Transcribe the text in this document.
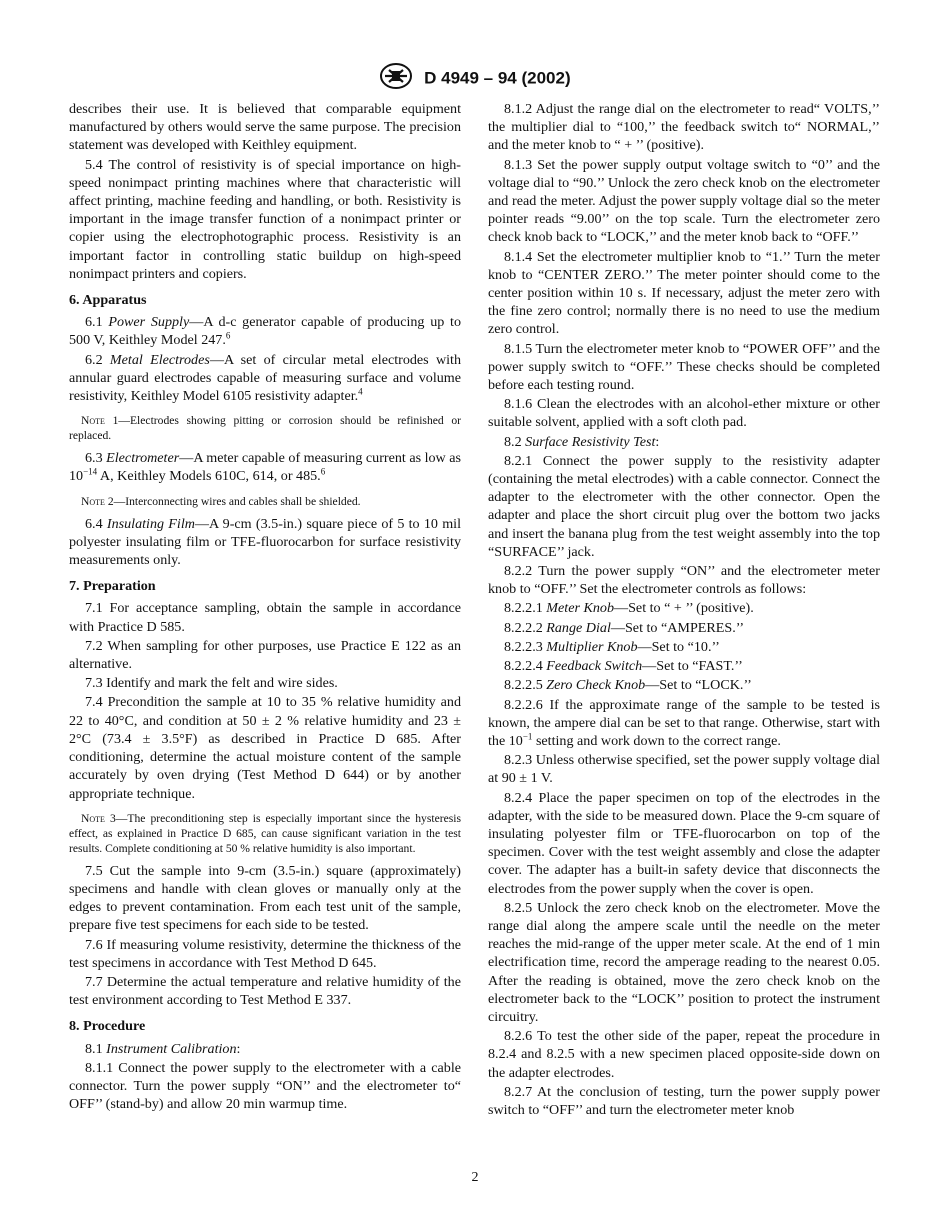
D 4949 – 94 (2002)

describes their use. It is believed that comparable equipment manufactured by others would serve the same purpose. The precision statement was developed with Keithley equipment.

5.4 The control of resistivity is of special importance on high-speed nonimpact printing machines where that characteristic will affect printing, machine feeding and handling, or both. Resistivity is important in the image transfer function of a nonimpact printer or copier using the electrophotographic process. Resistivity is an important factor in controlling static buildup on high-speed nonimpact printers and copiers.

6. Apparatus

6.1 Power Supply—A d-c generator capable of producing up to 500 V, Keithley Model 247.$^6$

6.2 Metal Electrodes—A set of circular metal electrodes with annular guard electrodes capable of measuring surface and volume resistivity, Keithley Model 6105 resistivity adapter.$^4$

Note 1—Electrodes showing pitting or corrosion should be refinished or replaced.

6.3 Electrometer—A meter capable of measuring current as low as $10^{-14}$ A, Keithley Models 610C, 614, or 485.$^6$

Note 2—Interconnecting wires and cables shall be shielded.

6.4 Insulating Film—A 9-cm (3.5-in.) square piece of 5 to 10 mil polyester insulating film or TFE-fluorocarbon for surface resistivity measurements only.

7. Preparation

7.1 For acceptance sampling, obtain the sample in accordance with Practice D 585.

7.2 When sampling for other purposes, use Practice E 122 as an alternative.

7.3 Identify and mark the felt and wire sides.

7.4 Precondition the sample at 10 to 35 % relative humidity and 22 to 40°C, and condition at 50 ± 2 % relative humidity and 23 ± 2°C (73.4 ± 3.5°F) as described in Practice D 685. After conditioning, determine the actual moisture content of the sample accurately by oven drying (Test Method D 644) or by another appropriate technique.

Note 3—The preconditioning step is especially important since the hysteresis effect, as explained in Practice D 685, can cause significant variation in the test results. Complete conditioning at 50 % relative humidity is also important.

7.5 Cut the sample into 9-cm (3.5-in.) square (approximately) specimens and handle with clean gloves or manually only at the edges to prevent contamination. From each test unit of the sample, prepare five test specimens for each side to be tested.

7.6 If measuring volume resistivity, determine the thickness of the test specimens in accordance with Test Method D 645.

7.7 Determine the actual temperature and relative humidity of the test environment according to Test Method E 337.

8. Procedure

8.1 Instrument Calibration:

8.1.1 Connect the power supply to the electrometer with a cable connector. Turn the power supply “ON’’ and the electrometer to“ OFF’’ (stand-by) and allow 20 min warmup time.

8.1.2 Adjust the range dial on the electrometer to read“ VOLTS,’’ the multiplier dial to “100,’’ the feedback switch to“ NORMAL,’’ and the meter knob to “ + ’’ (positive).

8.1.3 Set the power supply output voltage switch to “0’’ and the voltage dial to “90.’’ Unlock the zero check knob on the electrometer and read the meter. Adjust the power supply voltage dial so the meter pointer reads “9.00’’ on the top scale. Turn the electrometer zero check knob back to “LOCK,’’ and the meter knob back to “OFF.’’

8.1.4 Set the electrometer multiplier knob to “1.’’ Turn the meter knob to “CENTER ZERO.’’ The meter pointer should come to the center position within 10 s. If necessary, adjust the meter zero with the fine zero control; normally there is no need to use the medium zero control.

8.1.5 Turn the electrometer meter knob to “POWER OFF’’ and the power supply switch to “OFF.’’ These checks should be completed before each testing round.

8.1.6 Clean the electrodes with an alcohol-ether mixture or other suitable solvent, applied with a soft cloth pad.

8.2 Surface Resistivity Test:

8.2.1 Connect the power supply to the resistivity adapter (containing the metal electrodes) with a cable connector. Connect the adapter to the electrometer with the other connector. Open the adapter and place the short circuit plug over the bottom two jacks and insert the banana plug from the test weight assembly into the top “SURFACE’’ jack.

8.2.2 Turn the power supply “ON’’ and the electrometer meter knob to “OFF.’’ Set the electrometer controls as follows:

8.2.2.1 Meter Knob—Set to “ + ’’ (positive).

8.2.2.2 Range Dial—Set to “AMPERES.’’

8.2.2.3 Multiplier Knob—Set to “10.’’

8.2.2.4 Feedback Switch—Set to “FAST.’’

8.2.2.5 Zero Check Knob—Set to “LOCK.’’

8.2.2.6 If the approximate range of the sample to be tested is known, the ampere dial can be set to that range. Otherwise, start with the $10^{-1}$ setting and work down to the correct range.

8.2.3 Unless otherwise specified, set the power supply voltage dial at 90 ± 1 V.

8.2.4 Place the paper specimen on top of the electrodes in the adapter, with the side to be measured down. Place the 9-cm square of insulating polyester film or TFE-fluorocarbon on top of the specimen. Cover with the test weight assembly and close the adapter cover. The adapter has a built-in safety device that disconnects the electrodes from the power supply when the cover is open.

8.2.5 Unlock the zero check knob on the electrometer. Move the range dial along the ampere scale until the needle on the meter reaches the mid-range of the upper meter scale. At the end of 1 min electrification time, record the amperage reading to the nearest 0.05. After the reading is obtained, move the zero check knob on the electrometer back to the “LOCK’’ position to protect the instrument circuitry.

8.2.6 To test the other side of the paper, repeat the procedure in 8.2.4 and 8.2.5 with a new specimen placed opposite-side down on the adapter electrodes.

8.2.7 At the conclusion of testing, turn the power supply power switch to “OFF’’ and turn the electrometer meter knob

2
